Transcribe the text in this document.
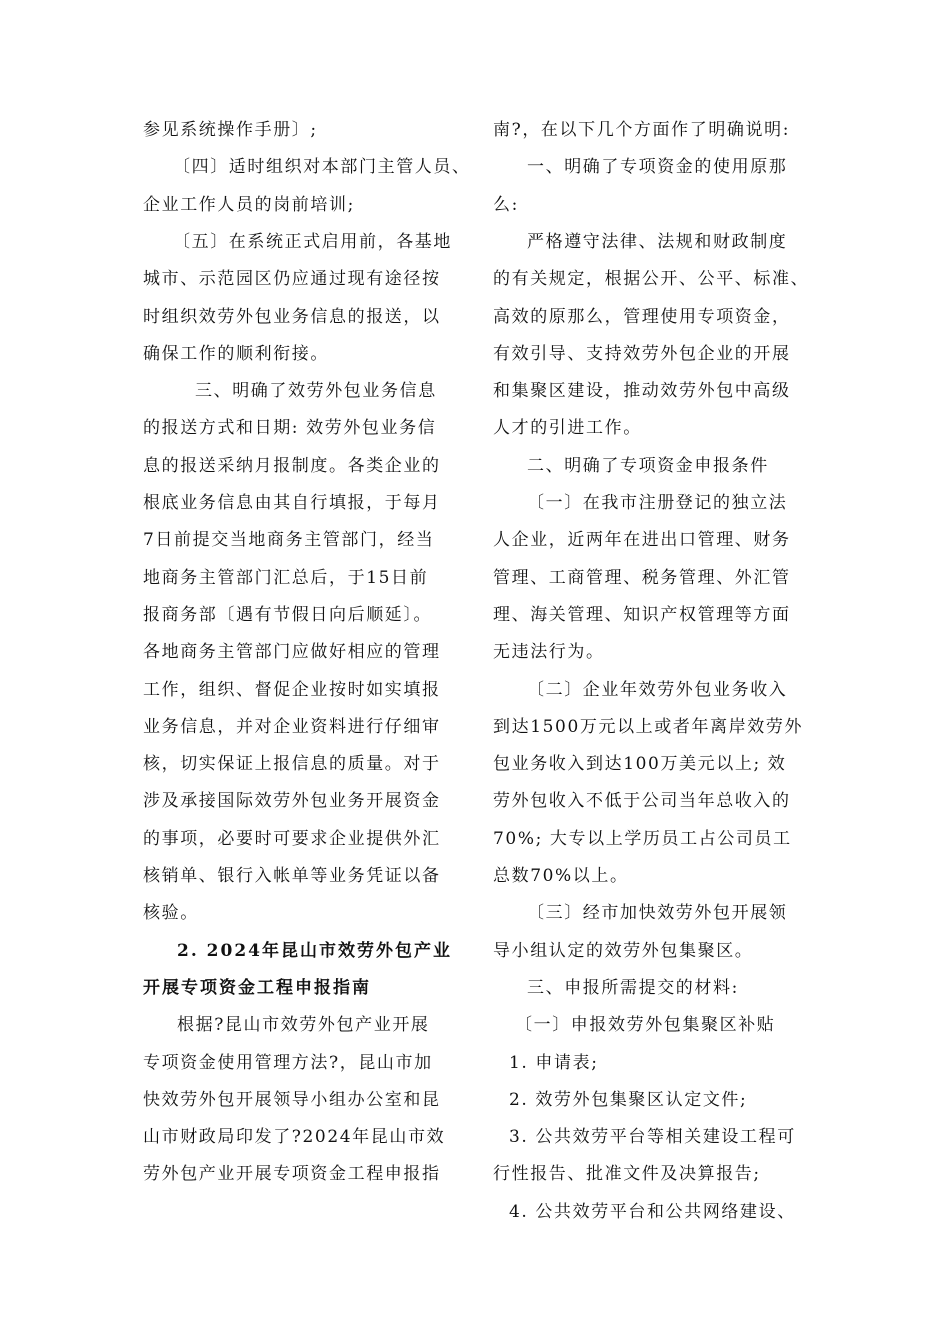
参见系统操作手册〕;
〔四〕适时组织对本部门主管人员、
企业工作人员的岗前培训;
〔五〕在系统正式启用前，各基地
城市、示范园区仍应通过现有途径按
时组织效劳外包业务信息的报送，以
确保工作的顺利衔接。
三、明确了效劳外包业务信息
的报送方式和日期: 效劳外包业务信
息的报送采纳月报制度。各类企业的
根底业务信息由其自行填报，于每月
7日前提交当地商务主管部门，经当
地商务主管部门汇总后，于15日前
报商务部〔遇有节假日向后顺延〕。
各地商务主管部门应做好相应的管理
工作，组织、督促企业按时如实填报
业务信息，并对企业资料进行仔细审
核，切实保证上报信息的质量。对于
涉及承接国际效劳外包业务开展资金
的事项，必要时可要求企业提供外汇
核销单、银行入帐单等业务凭证以备
核验。
2. 2024年昆山市效劳外包产业
开展专项资金工程申报指南
根据?昆山市效劳外包产业开展
专项资金使用管理方法?，昆山市加
快效劳外包开展领导小组办公室和昆
山市财政局印发了?2024年昆山市效
劳外包产业开展专项资金工程申报指
南?，在以下几个方面作了明确说明:
一、明确了专项资金的使用原那
么:
严格遵守法律、法规和财政制度
的有关规定，根据公开、公平、标准、
高效的原那么，管理使用专项资金，
有效引导、支持效劳外包企业的开展
和集聚区建设，推动效劳外包中高级
人才的引进工作。
二、明确了专项资金申报条件
〔一〕在我市注册登记的独立法
人企业，近两年在进出口管理、财务
管理、工商管理、税务管理、外汇管
理、海关管理、知识产权管理等方面
无违法行为。
〔二〕企业年效劳外包业务收入
到达1500万元以上或者年离岸效劳外
包业务收入到达100万美元以上; 效
劳外包收入不低于公司当年总收入的
70%; 大专以上学历员工占公司员工
总数70%以上。
〔三〕经市加快效劳外包开展领
导小组认定的效劳外包集聚区。
三、申报所需提交的材料:
〔一〕申报效劳外包集聚区补贴
1. 申请表;
2. 效劳外包集聚区认定文件;
3. 公共效劳平台等相关建设工程可
行性报告、批准文件及决算报告;
4. 公共效劳平台和公共网络建设、
